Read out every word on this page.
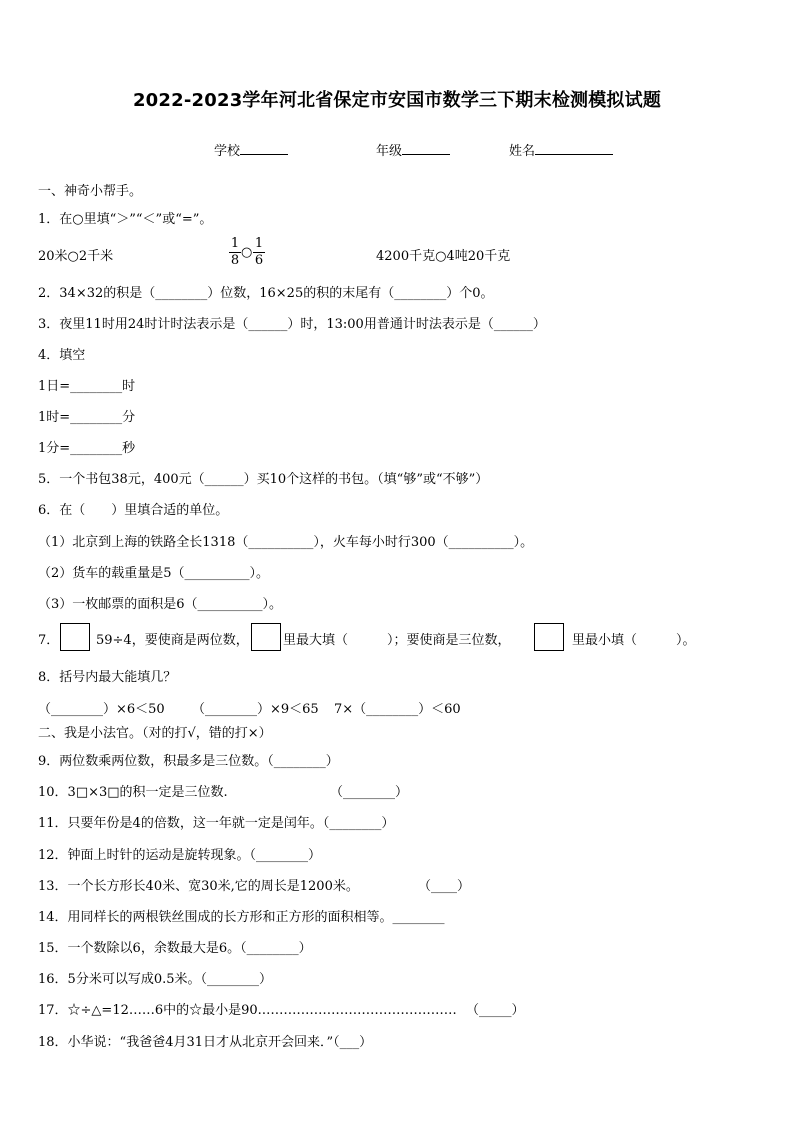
2022-2023学年河北省保定市安国市数学三下期末检测模拟试题
学校	年级	姓名
一、神奇小帮手。
1．在○里填“＞”“＜”或“=”。
20米○2千米
1
8
○
1
6	4200千克○4吨20千克
2．34×32的积是（________）位数，16×25的积的末尾有（________）个0。
3．夜里11时用24时计时法表示是（______）时，13:00用普通计时法表示是（______）
4．填空
1日=________时
1时=________分
1分=________秒
5．一个书包38元，400元（______）买10个这样的书包。（填“够”或“不够”）
6．在（　　）里填合适的单位。
（1）北京到上海的铁路全长1318（__________），火车每小时行300（__________）。
（2）货车的载重量是5（__________）。
（3）一枚邮票的面积是6（__________）。
7．	59÷4，要使商是两位数，	里最大填（　　　）；要使商是三位数，	里最小填（　　　）。
8．括号内最大能填几？
（________）×6＜50 （________）×9＜65 7×（________）＜60
二、我是小法官。（对的打√，错的打×）
9．两位数乘两位数，积最多是三位数。（________）
10．3□×3□的积一定是三位数.	（________）
11．只要年份是4的倍数，这一年就一定是闰年。（________）
12．钟面上时针的运动是旋转现象。（________）
13．一个长方形长40米、宽30米,它的周长是1200米。	（____）
14．用同样长的两根铁丝围成的长方形和正方形的面积相等。________
15．一个数除以6，余数最大是6。（________）
16．5分米可以写成0.5米。（________）
17．☆÷△=12……6中的☆最小是90.……………………………………… （_____）
18．小华说：“我爸爸4月31日才从北京开会回来．”（___）
